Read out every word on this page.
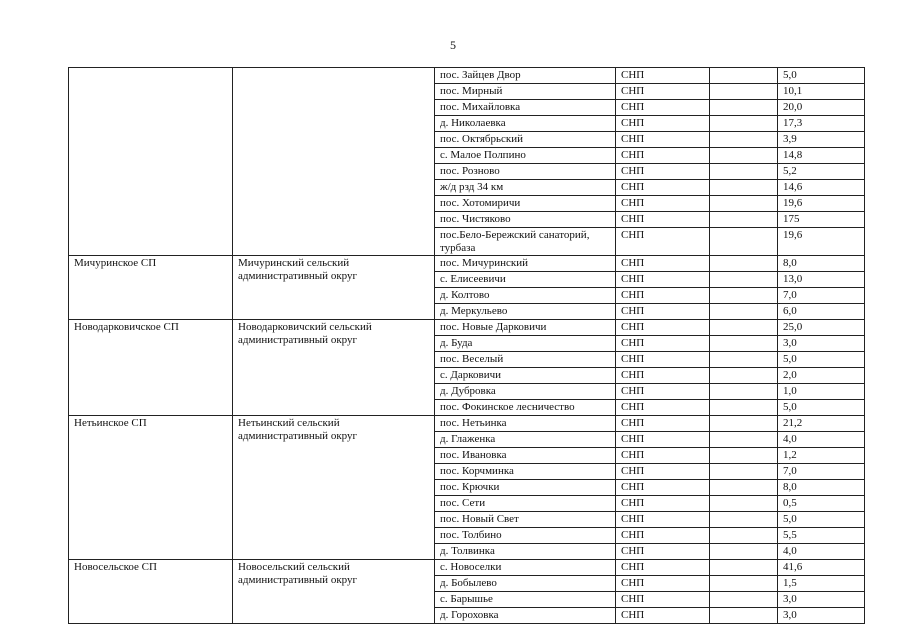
5
		пос. Зайцев Двор	СНП		5,0
		пос. Мирный	СНП		10,1
		пос. Михайловка	СНП		20,0
		д. Николаевка	СНП		17,3
		пос. Октябрьский	СНП		3,9
		с. Малое Полпино	СНП		14,8
		пос. Розново	СНП		5,2
		ж/д рзд 34 км	СНП		14,6
		пос. Хотомиричи	СНП		19,6
		пос. Чистяково	СНП		175
		пос.Бело-Бережский санаторий, турбаза	СНП		19,6
Мичуринское СП	Мичуринский сельский административный округ	пос. Мичуринский	СНП		8,0
		с. Елисеевичи	СНП		13,0
		д. Колтово	СНП		7,0
		д. Меркульево	СНП		6,0
Новодарковичское СП	Новодарковичский сельский административный округ	пос. Новые Дарковичи	СНП		25,0
		д. Буда	СНП		3,0
		пос. Веселый	СНП		5,0
		с. Дарковичи	СНП		2,0
		д. Дубровка	СНП		1,0
		пос. Фокинское лесничество	СНП		5,0
Нетьинское СП	Нетьинский сельский административный округ	пос. Нетьинка	СНП		21,2
		д. Глаженка	СНП		4,0
		пос. Ивановка	СНП		1,2
		пос. Корчминка	СНП		7,0
		пос. Крючки	СНП		8,0
		пос. Сети	СНП		0,5
		пос. Новый Свет	СНП		5,0
		пос. Толбино	СНП		5,5
		д. Толвинка	СНП		4,0
Новосельское СП	Новосельский сельский административный округ	с. Новоселки	СНП		41,6
		д. Бобылево	СНП		1,5
		с. Барышье	СНП		3,0
		д. Гороховка	СНП		3,0
